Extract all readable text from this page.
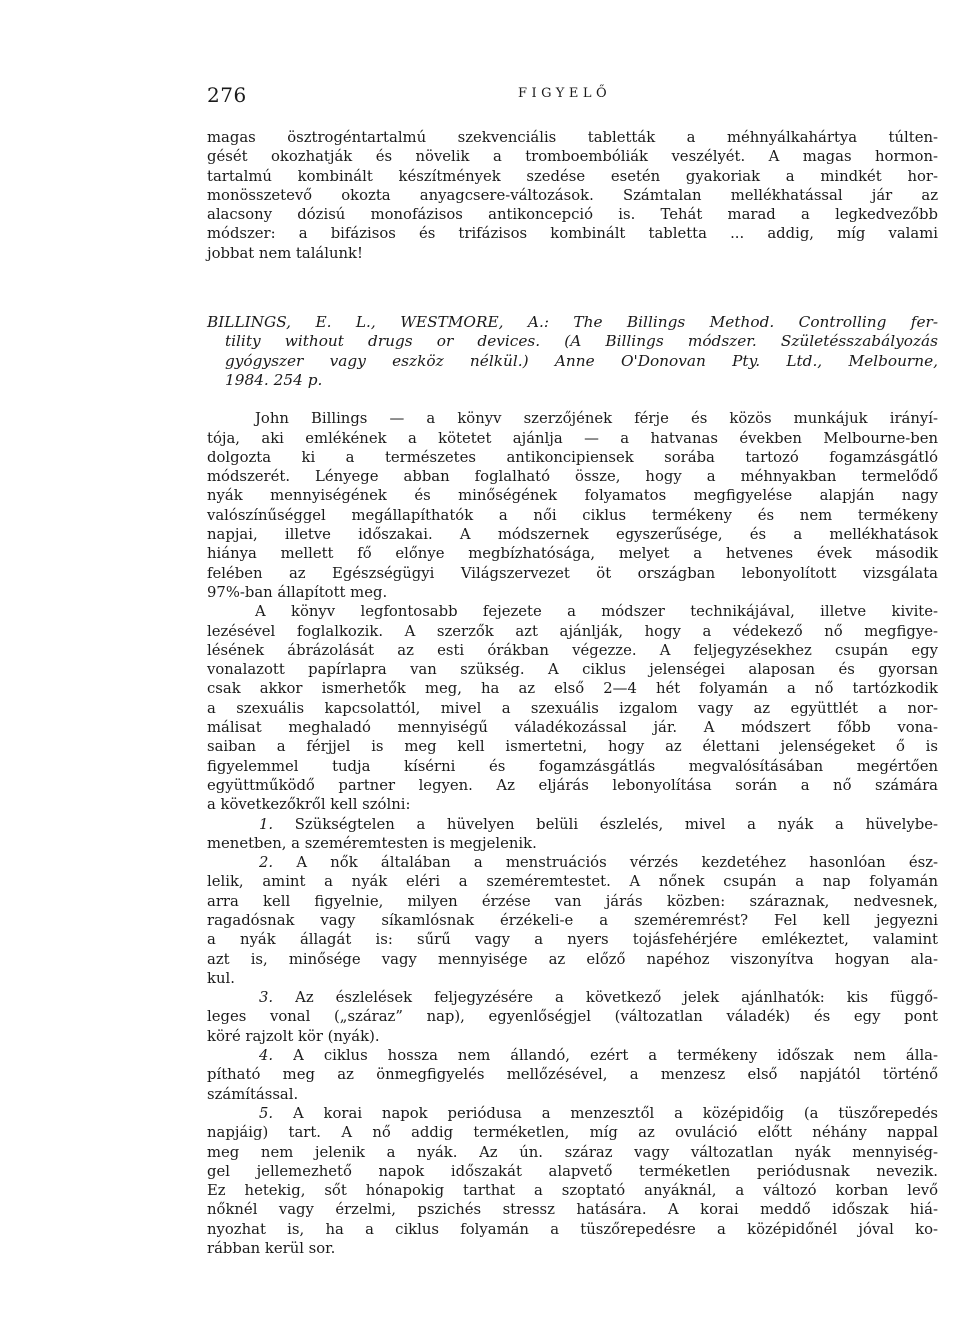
276	FIGYELŐ
magas ösztrogéntartalmú szekvenciális tabletták a méhnyálkahártya túlten-
gését okozhatják és növelik a tromboembóliák veszélyét. A magas hormon-
tartalmú kombinált készítmények szedése esetén gyakoriak a mindkét hor-
monösszetevő okozta anyagcsere-változások. Számtalan mellékhatással jár az
alacsony dózisú monofázisos antikoncepció is. Tehát marad a legkedvezőbb
módszer: a bifázisos és trifázisos kombinált tabletta ... addig, míg valami
jobbat nem találunk!
BILLINGS, E. L., WESTMORE, A.: The Billings Method. Controlling fer-
tility without drugs or devices. (A Billings módszer. Születésszabályozás
gyógyszer vagy eszköz nélkül.) Anne O'Donovan Pty. Ltd., Melbourne,
1984. 254 p.
John Billings — a könyv szerzőjének férje és közös munkájuk irányí-
tója, aki emlékének a kötetet ajánlja — a hatvanas években Melbourne-ben
dolgozta ki a természetes antikoncipiensek sorába tartozó fogamzásgátló
módszerét. Lényege abban foglalható össze, hogy a méhnyakban termelődő
nyák mennyiségének és minőségének folyamatos megfigyelése alapján nagy
valószínűséggel megállapíthatók a női ciklus termékeny és nem termékeny
napjai, illetve időszakai. A módszernek egyszerűsége, és a mellékhatások
hiánya mellett fő előnye megbízhatósága, melyet a hetvenes évek második
felében az Egészségügyi Világszervezet öt országban lebonyolított vizsgálata
97%-ban állapított meg.
A könyv legfontosabb fejezete a módszer technikájával, illetve kivite-
lezésével foglalkozik. A szerzők azt ajánlják, hogy a védekező nő megfigye-
lésének ábrázolását az esti órákban végezze. A feljegyzésekhez csupán egy
vonalazott papírlapra van szükség. A ciklus jelenségei alaposan és gyorsan
csak akkor ismerhetők meg, ha az első 2—4 hét folyamán a nő tartózkodik
a szexuális kapcsolattól, mivel a szexuális izgalom vagy az együttlét a nor-
málisat meghaladó mennyiségű váladékozással jár. A módszert főbb vona-
saiban a férjjel is meg kell ismertetni, hogy az élettani jelenségeket ő is
figyelemmel tudja kísérni és fogamzásgátlás megvalósításában megértően
együttműködő partner legyen. Az eljárás lebonyolítása során a nő számára
a következőkről kell szólni:
1. Szükségtelen a hüvelyen belüli észlelés, mivel a nyák a hüvelybe-
menetben, a szeméremtesten is megjelenik.
2. A nők általában a menstruációs vérzés kezdetéhez hasonlóan ész-
lelik, amint a nyák eléri a szeméremtestet. A nőnek csupán a nap folyamán
arra kell figyelnie, milyen érzése van járás közben: száraznak, nedvesnek,
ragadósnak vagy síkamlósnak érzékeli-e a szeméremrést? Fel kell jegyezni
a nyák állagát is: sűrű vagy a nyers tojásfehérjére emlékeztet, valamint
azt is, minősége vagy mennyisége az előző napéhoz viszonyítva hogyan ala-
kul.
3. Az észlelések feljegyzésére a következő jelek ajánlhatók: kis függő-
leges vonal („száraz” nap), egyenlőségjel (változatlan váladék) és egy pont
köré rajzolt kör (nyák).
4. A ciklus hossza nem állandó, ezért a termékeny időszak nem álla-
pítható meg az önmegfigyelés mellőzésével, a menzesz első napjától történő
számítással.
5. A korai napok periódusa a menzesztől a középidőig (a tüszőrepedés
napjáig) tart. A nő addig terméketlen, míg az ovuláció előtt néhány nappal
meg nem jelenik a nyák. Az ún. száraz vagy változatlan nyák mennyiség-
gel jellemezhető napok időszakát alapvető terméketlen periódusnak nevezik.
Ez hetekig, sőt hónapokig tarthat a szoptató anyáknál, a változó korban levő
nőknél vagy érzelmi, pszichés stressz hatására. A korai meddő időszak hiá-
nyozhat is, ha a ciklus folyamán a tüszőrepedésre a középidőnél jóval ko-
rábban kerül sor.
